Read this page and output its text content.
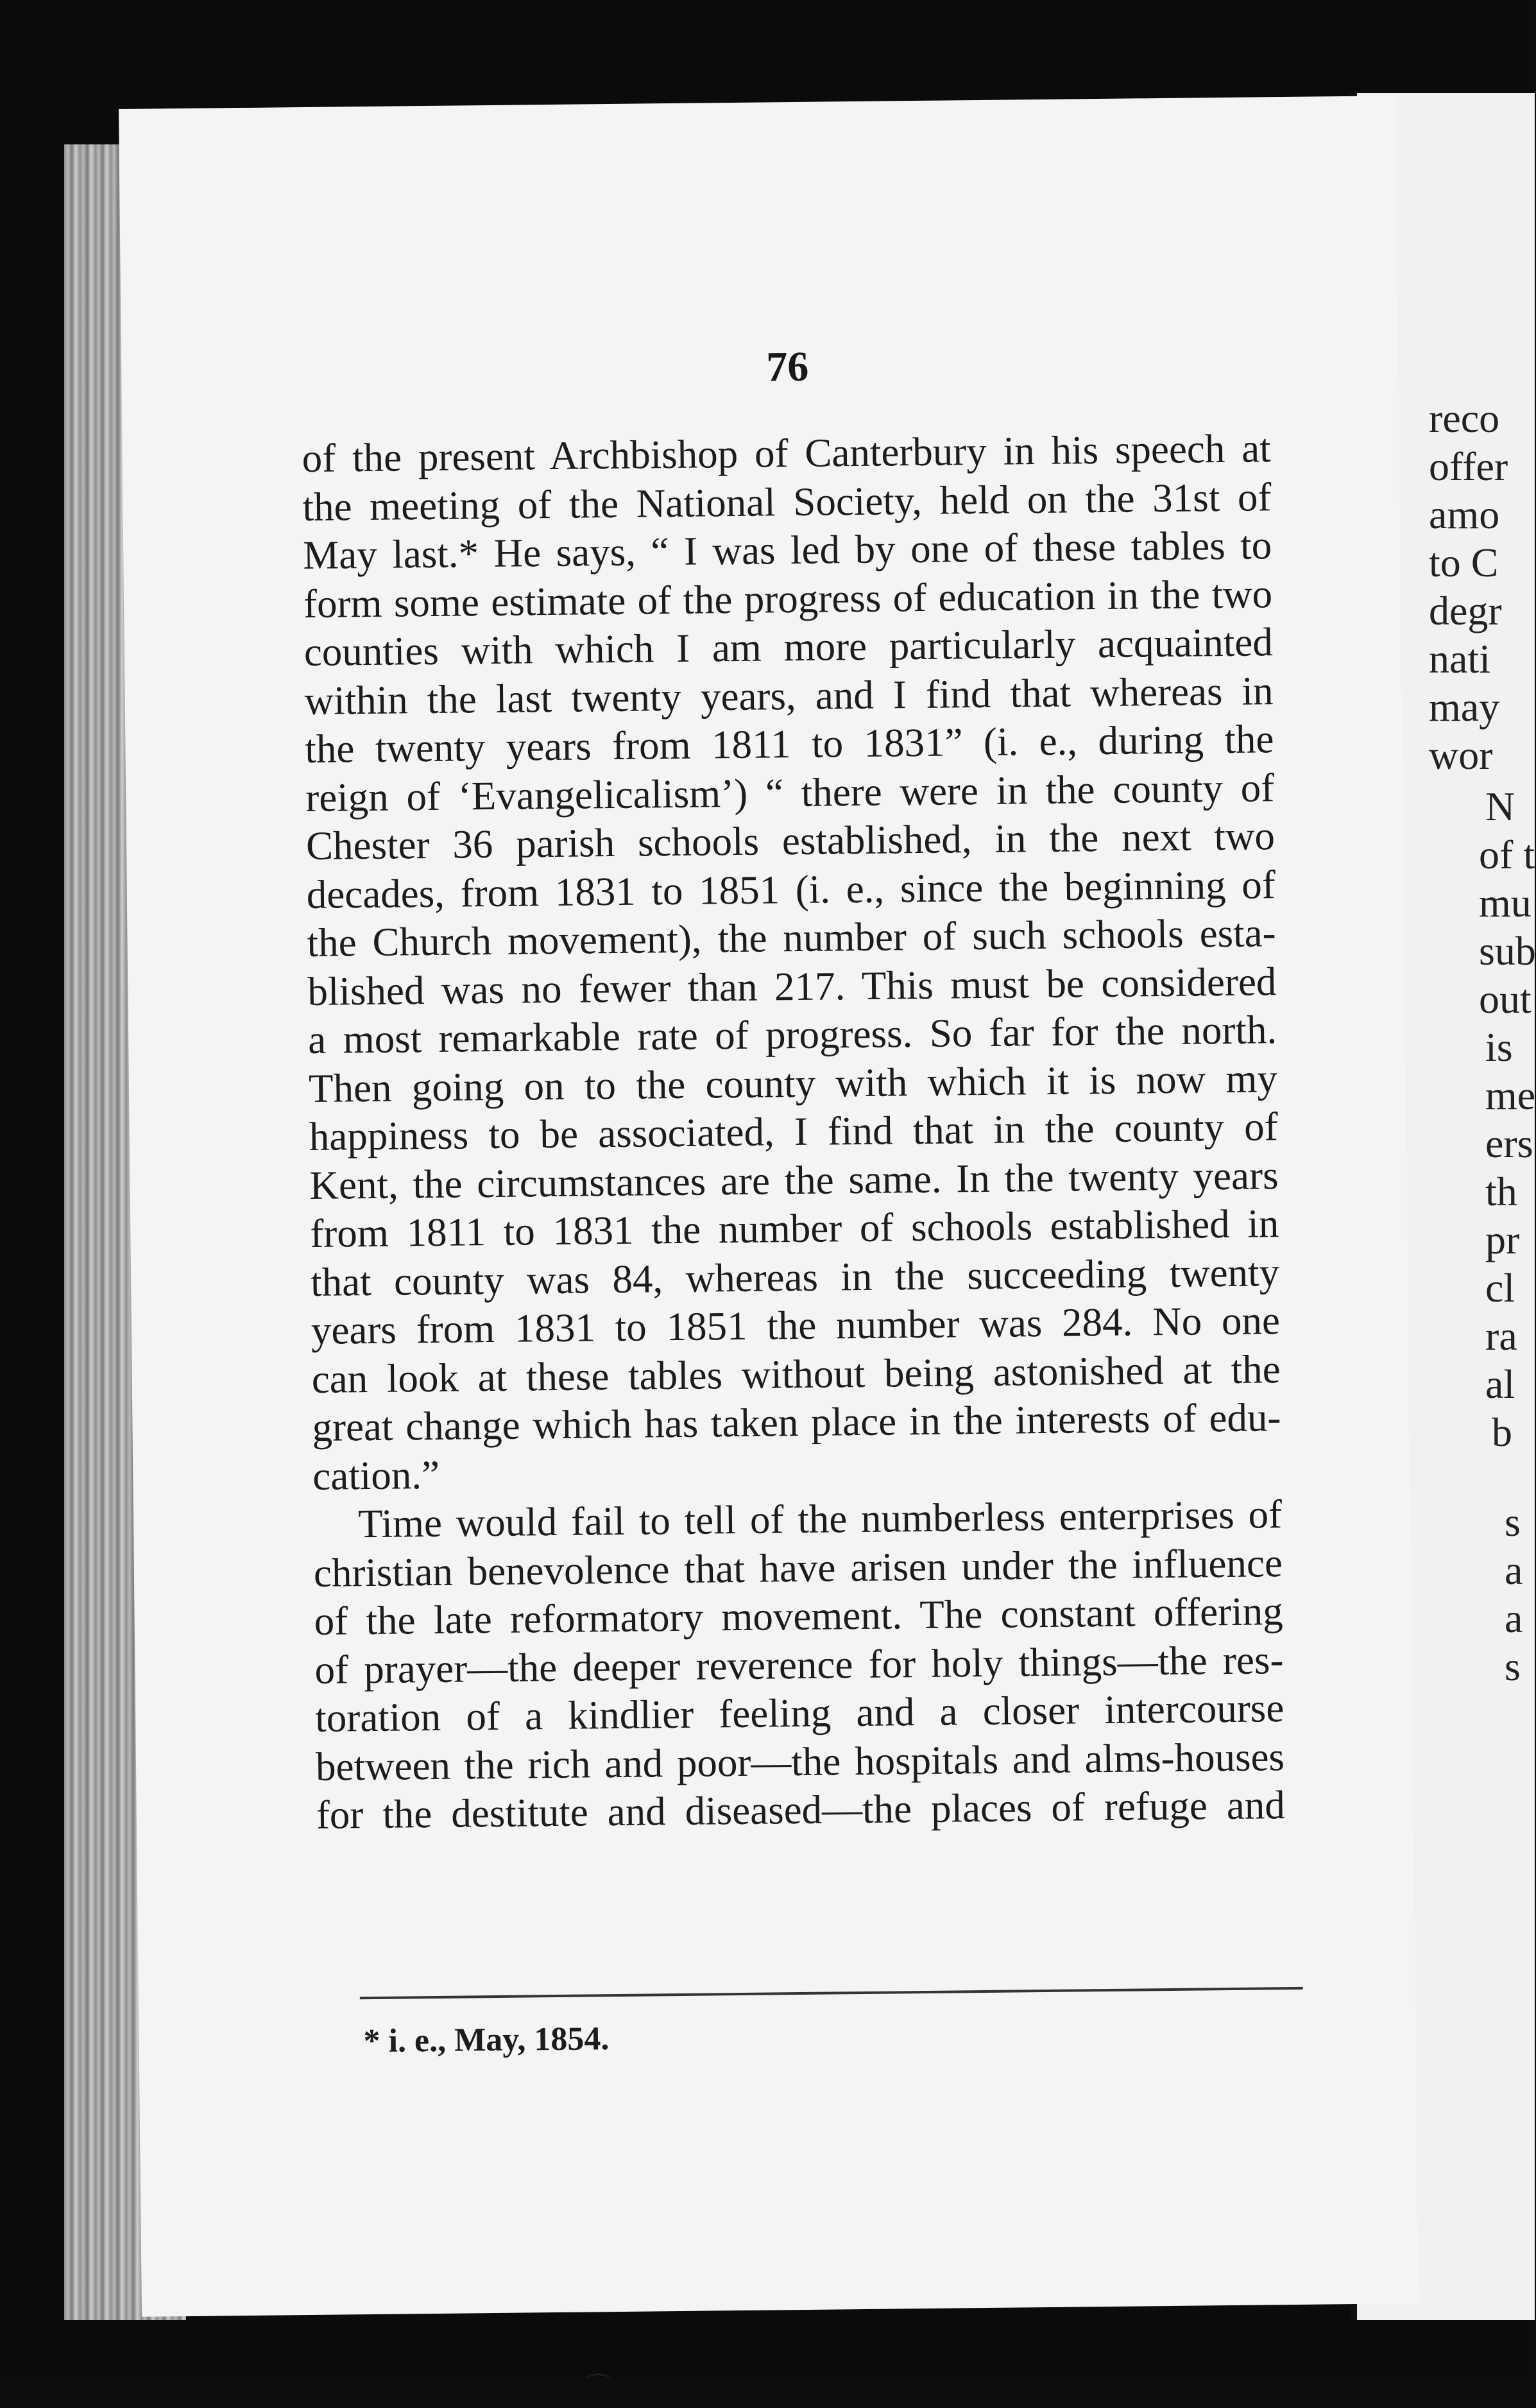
reco
offer
amo
to C
degr
nati
may
wor
N
of t
mu
sub
out
is
me
ers
th
pr
cl
ra
al
b
s
a
a
s
76
of the present Archbishop of Canterbury in his speech at
the meeting of the National Society, held on the 31st of
May last.* He says, “ I was led by one of these tables to
form some estimate of the progress of education in the two
counties with which I am more particularly acquainted
within the last twenty years, and I find that whereas in
the twenty years from 1811 to 1831” (i. e., during the
reign of ‘Evangelicalism’) “ there were in the county of
Chester 36 parish schools established, in the next two
decades, from 1831 to 1851 (i. e., since the beginning of
the Church movement), the number of such schools esta-
blished was no fewer than 217. This must be considered
a most remarkable rate of progress. So far for the north.
Then going on to the county with which it is now my
happiness to be associated, I find that in the county of
Kent, the circumstances are the same. In the twenty years
from 1811 to 1831 the number of schools established in
that county was 84, whereas in the succeeding twenty
years from 1831 to 1851 the number was 284. No one
can look at these tables without being astonished at the
great change which has taken place in the interests of edu-
cation.”
Time would fail to tell of the numberless enterprises of
christian benevolence that have arisen under the influence
of the late reformatory movement. The constant offering
of prayer—the deeper reverence for holy things—the res-
toration of a kindlier feeling and a closer intercourse
between the rich and poor—the hospitals and alms-houses
for the destitute and diseased—the places of refuge and
* i. e., May, 1854.
⌒
